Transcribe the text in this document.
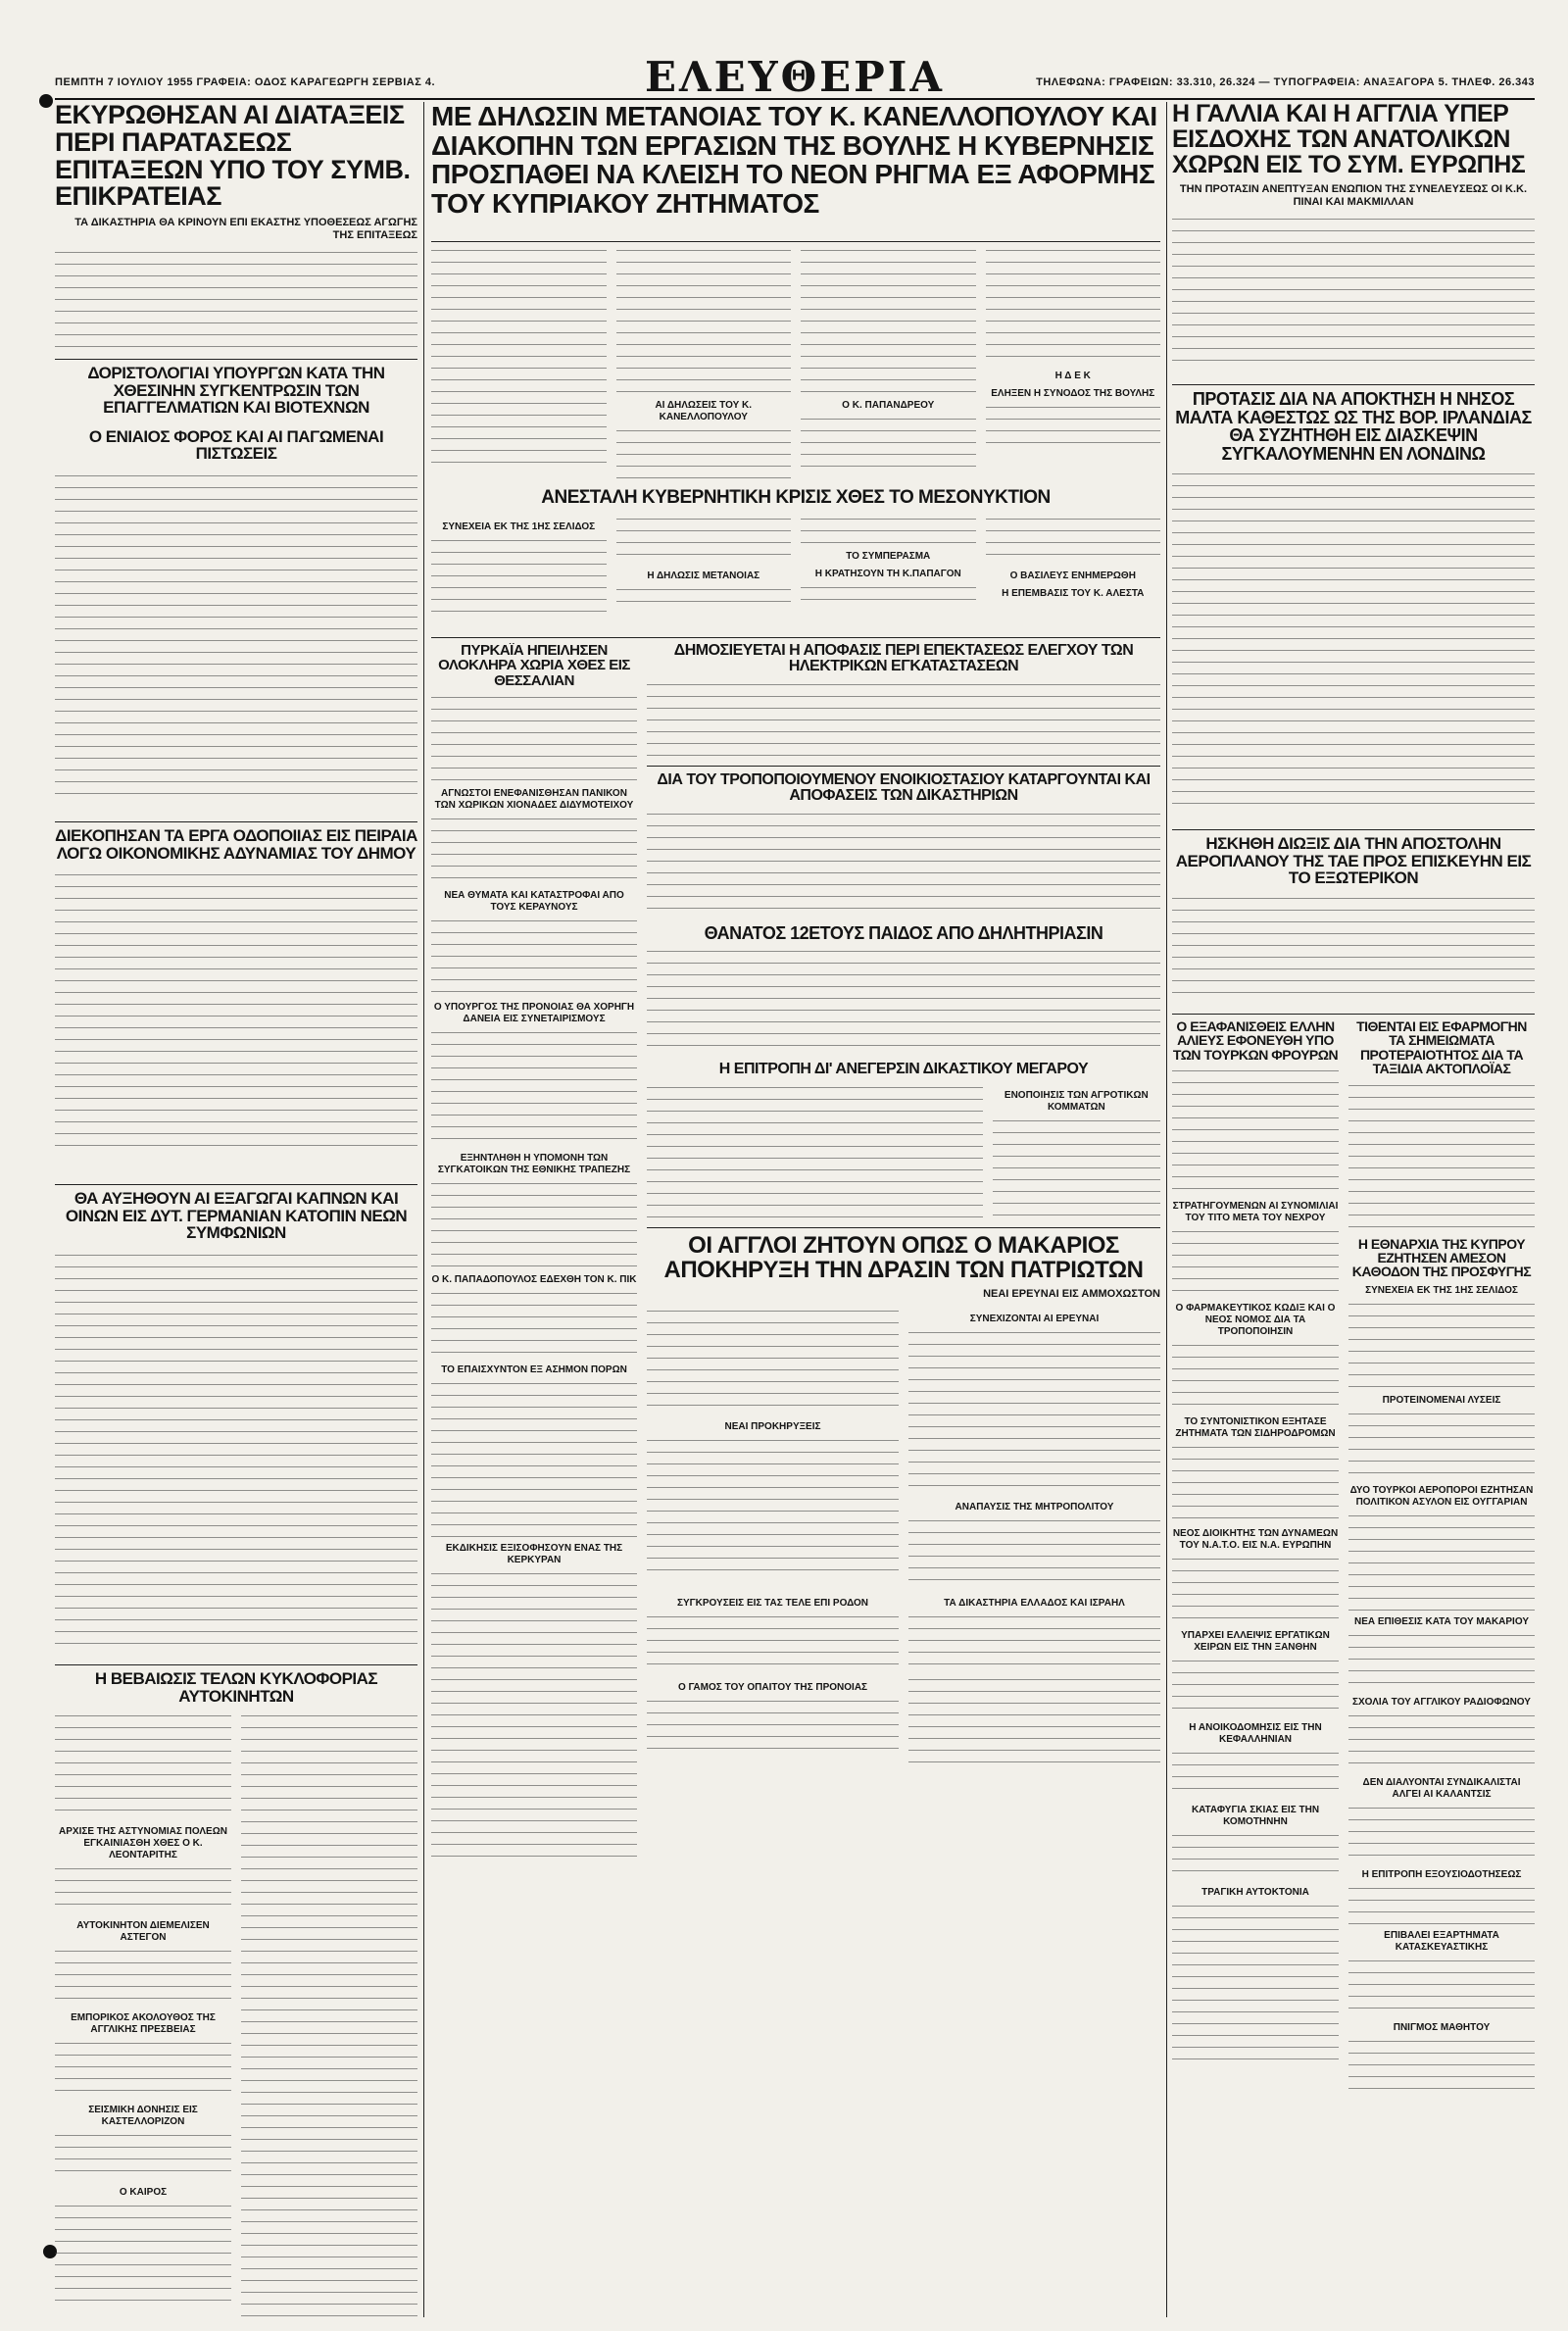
ΠΕΜΠΤΗ 7 ΙΟΥΛΙΟΥ 1955 ΓΡΑΦΕΙΑ: ΟΔΟΣ ΚΑΡΑΓΕΩΡΓΗ ΣΕΡΒΙΑΣ 4.	ΕΛΕΥΘΕΡΙΑ	ΤΗΛΕΦΩΝΑ: ΓΡΑΦΕΙΩΝ: 33.310, 26.324 — ΤΥΠΟΓΡΑΦΕΙΑ: ΑΝΑΞΑΓΟΡΑ 5. ΤΗΛΕΦ. 26.343
ΕΚΥΡΩΘΗΣΑΝ ΑΙ ΔΙΑΤΑΞΕΙΣ ΠΕΡΙ ΠΑΡΑΤΑΣΕΩΣ ΕΠΙΤΑΞΕΩΝ ΥΠΟ ΤΟΥ ΣΥΜΒ. ΕΠΙΚΡΑΤΕΙΑΣ
ΤΑ ΔΙΚΑΣΤΗΡΙΑ ΘΑ ΚΡΙΝΟΥΝ ΕΠΙ ΕΚΑΣΤΗΣ ΥΠΟΘΕΣΕΩΣ ΑΓΩΓΗΣ ΤΗΣ ΕΠΙΤΑΞΕΩΣ
ΔΟΡΙΣΤΟΛΟΓΙΑΙ ΥΠΟΥΡΓΩΝ ΚΑΤΑ ΤΗΝ ΧΘΕΣΙΝΗΝ ΣΥΓΚΕΝΤΡΩΣΙΝ ΤΩΝ ΕΠΑΓΓΕΛΜΑΤΙΩΝ ΚΑΙ ΒΙΟΤΕΧΝΩΝ
Ο ΕΝΙΑΙΟΣ ΦΟΡΟΣ ΚΑΙ ΑΙ ΠΑΓΩΜΕΝΑΙ ΠΙΣΤΩΣΕΙΣ
ΔΙΕΚΟΠΗΣΑΝ ΤΑ ΕΡΓΑ ΟΔΟΠΟΙΙΑΣ ΕΙΣ ΠΕΙΡΑΙΑ ΛΟΓΩ ΟΙΚΟΝΟΜΙΚΗΣ ΑΔΥΝΑΜΙΑΣ ΤΟΥ ΔΗΜΟΥ
ΘΑ ΑΥΞΗΘΟΥΝ ΑΙ ΕΞΑΓΩΓΑΙ ΚΑΠΝΩΝ ΚΑΙ ΟΙΝΩΝ ΕΙΣ ΔΥΤ. ΓΕΡΜΑΝΙΑΝ ΚΑΤΟΠΙΝ ΝΕΩΝ ΣΥΜΦΩΝΙΩΝ
Η ΒΕΒΑΙΩΣΙΣ ΤΕΛΩΝ ΚΥΚΛΟΦΟΡΙΑΣ ΑΥΤΟΚΙΝΗΤΩΝ
ΑΡΧΙΣΕ ΤΗΣ ΑΣΤΥΝΟΜΙΑΣ ΠΟΛΕΩΝ ΕΓΚΑΙΝΙΑΣΘΗ ΧΘΕΣ Ο Κ. ΛΕΟΝΤΑΡΙΤΗΣ
ΑΥΤΟΚΙΝΗΤΟΝ ΔΙΕΜΕΛΙΣΕΝ ΑΣΤΕΓΟΝ
ΕΜΠΟΡΙΚΟΣ ΑΚΟΛΟΥΘΟΣ ΤΗΣ ΑΓΓΛΙΚΗΣ ΠΡΕΣΒΕΙΑΣ
ΣΕΙΣΜΙΚΗ ΔΟΝΗΣΙΣ ΕΙΣ ΚΑΣΤΕΛΛΟΡΙΖΟΝ
Ο ΚΑΙΡΟΣ
ΜΕ ΔΗΛΩΣΙΝ ΜΕΤΑΝΟΙΑΣ ΤΟΥ Κ. ΚΑΝΕΛΛΟΠΟΥΛΟΥ ΚΑΙ ΔΙΑΚΟΠΗΝ ΤΩΝ ΕΡΓΑΣΙΩΝ ΤΗΣ ΒΟΥΛΗΣ Η ΚΥΒΕΡΝΗΣΙΣ ΠΡΟΣΠΑΘΕΙ ΝΑ ΚΛΕΙΣΗ ΤΟ ΝΕΟΝ ΡΗΓΜΑ ΕΞ ΑΦΟΡΜΗΣ ΤΟΥ ΚΥΠΡΙΑΚΟΥ ΖΗΤΗΜΑΤΟΣ
ΑΙ ΔΗΛΩΣΕΙΣ ΤΟΥ Κ. ΚΑΝΕΛΛΟΠΟΥΛΟΥ
Ο Κ. ΠΑΠΑΝΔΡΕΟΥ
Η Δ Ε Κ
ΕΛΗΞΕΝ Η ΣΥΝΟΔΟΣ ΤΗΣ ΒΟΥΛΗΣ
ΑΝΕΣΤΑΛΗ ΚΥΒΕΡΝΗΤΙΚΗ ΚΡΙΣΙΣ ΧΘΕΣ ΤΟ ΜΕΣΟΝΥΚΤΙΟΝ
ΣΥΝΕΧΕΙΑ ΕΚ ΤΗΣ 1ΗΣ ΣΕΛΙΔΟΣ
Η ΔΗΛΩΣΙΣ ΜΕΤΑΝΟΙΑΣ
ΤΟ ΣΥΜΠΕΡΑΣΜΑ
Η ΚΡΑΤΗΣΟΥΝ ΤΗ Κ.ΠΑΠΑΓΟΝ	Ο ΒΑΣΙΛΕΥΣ ΕΝΗΜΕΡΩΘΗ
Η ΕΠΕΜΒΑΣΙΣ ΤΟΥ Κ. ΑΛΕΣΤΑ
ΠΥΡΚΑΪΑ ΗΠΕΙΛΗΣΕΝ ΟΛΟΚΛΗΡΑ ΧΩΡΙΑ ΧΘΕΣ ΕΙΣ ΘΕΣΣΑΛΙΑΝ
ΑΓΝΩΣΤΟΙ ΕΝΕΦΑΝΙΣΘΗΣΑΝ ΠΑΝΙΚΟΝ ΤΩΝ ΧΩΡΙΚΩΝ ΧΙΟΝΑΔΕΣ ΔΙΔΥΜΟΤΕΙΧΟΥ
ΝΕΑ ΘΥΜΑΤΑ ΚΑΙ ΚΑΤΑΣΤΡΟΦΑΙ ΑΠΟ ΤΟΥΣ ΚΕΡΑΥΝΟΥΣ
Ο ΥΠΟΥΡΓΟΣ ΤΗΣ ΠΡΟΝΟΙΑΣ ΘΑ ΧΟΡΗΓΗ ΔΑΝΕΙΑ ΕΙΣ ΣΥΝΕΤΑΙΡΙΣΜΟΥΣ
ΕΞΗΝΤΛΗΘΗ Η ΥΠΟΜΟΝΗ ΤΩΝ ΣΥΓΚΑΤΟΙΚΩΝ ΤΗΣ ΕΘΝΙΚΗΣ ΤΡΑΠΕΖΗΣ
Ο Κ. ΠΑΠΑΔΟΠΟΥΛΟΣ ΕΔΕΧΘΗ ΤΟΝ Κ. ΠΙΚ
ΤΟ ΕΠΑΙΣΧΥΝΤΟΝ ΕΞ ΑΣΗΜΟΝ ΠΟΡΩΝ
ΕΚΔΙΚΗΣΙΣ ΕΞΙΣΟΦΗΣΟΥΝ ΕΝΑΣ ΤΗΣ ΚΕΡΚΥΡΑΝ
ΔΗΜΟΣΙΕΥΕΤΑΙ Η ΑΠΟΦΑΣΙΣ ΠΕΡΙ ΕΠΕΚΤΑΣΕΩΣ ΕΛΕΓΧΟΥ ΤΩΝ ΗΛΕΚΤΡΙΚΩΝ ΕΓΚΑΤΑΣΤΑΣΕΩΝ
ΔΙΑ ΤΟΥ ΤΡΟΠΟΠΟΙΟΥΜΕΝΟΥ ΕΝΟΙΚΙΟΣΤΑΣΙΟΥ ΚΑΤΑΡΓΟΥΝΤΑΙ ΚΑΙ ΑΠΟΦΑΣΕΙΣ ΤΩΝ ΔΙΚΑΣΤΗΡΙΩΝ
ΘΑΝΑΤΟΣ 12ΕΤΟΥΣ ΠΑΙΔΟΣ ΑΠΟ ΔΗΛΗΤΗΡΙΑΣΙΝ
Η ΕΠΙΤΡΟΠΗ ΔΙ' ΑΝΕΓΕΡΣΙΝ ΔΙΚΑΣΤΙΚΟΥ ΜΕΓΑΡΟΥ
ΕΝΟΠΟΙΗΣΙΣ ΤΩΝ ΑΓΡΟΤΙΚΩΝ ΚΟΜΜΑΤΩΝ
ΟΙ ΑΓΓΛΟΙ ΖΗΤΟΥΝ ΟΠΩΣ Ο ΜΑΚΑΡΙΟΣ ΑΠΟΚΗΡΥΞΗ ΤΗΝ ΔΡΑΣΙΝ ΤΩΝ ΠΑΤΡΙΩΤΩΝ
ΝΕΑΙ ΕΡΕΥΝΑΙ ΕΙΣ ΑΜΜΟΧΩΣΤΟΝ
ΝΕΑΙ ΠΡΟΚΗΡΥΞΕΙΣ
ΣΥΝΕΧΙΖΟΝΤΑΙ ΑΙ ΕΡΕΥΝΑΙ
ΑΝΑΠΑΥΣΙΣ ΤΗΣ ΜΗΤΡΟΠΟΛΙΤΟΥ
ΣΥΓΚΡΟΥΣΕΙΣ ΕΙΣ ΤΑΣ ΤΕΛΕ ΕΠΙ ΡΟΔΟΝ	ΤΑ ΔΙΚΑΣΤΗΡΙΑ ΕΛΛΑΔΟΣ ΚΑΙ ΙΣΡΑΗΛ
Ο ΓΑΜΟΣ ΤΟΥ ΟΠΑΙΤΟΥ ΤΗΣ ΠΡΟΝΟΙΑΣ
Η ΓΑΛΛΙΑ ΚΑΙ Η ΑΓΓΛΙΑ ΥΠΕΡ ΕΙΣΔΟΧΗΣ ΤΩΝ ΑΝΑΤΟΛΙΚΩΝ ΧΩΡΩΝ ΕΙΣ ΤΟ ΣΥΜ. ΕΥΡΩΠΗΣ
ΤΗΝ ΠΡΟΤΑΣΙΝ ΑΝΕΠΤΥΞΑΝ ΕΝΩΠΙΟΝ ΤΗΣ ΣΥΝΕΛΕΥΣΕΩΣ ΟΙ Κ.Κ. ΠΙΝΑΙ ΚΑΙ ΜΑΚΜΙΛΛΑΝ
ΠΡΟΤΑΣΙΣ ΔΙΑ ΝΑ ΑΠΟΚΤΗΣΗ Η ΝΗΣΟΣ ΜΑΛΤΑ ΚΑΘΕΣΤΩΣ ΩΣ ΤΗΣ ΒΟΡ. ΙΡΛΑΝΔΙΑΣ ΘΑ ΣΥΖΗΤΗΘΗ ΕΙΣ ΔΙΑΣΚΕΨΙΝ ΣΥΓΚΑΛΟΥΜΕΝΗΝ ΕΝ ΛΟΝΔΙΝΩ
ΗΣΚΗΘΗ ΔΙΩΞΙΣ ΔΙΑ ΤΗΝ ΑΠΟΣΤΟΛΗΝ ΑΕΡΟΠΛΑΝΟΥ ΤΗΣ ΤΑΕ ΠΡΟΣ ΕΠΙΣΚΕΥΗΝ ΕΙΣ ΤΟ ΕΞΩΤΕΡΙΚΟΝ
Ο ΕΞΑΦΑΝΙΣΘΕΙΣ ΕΛΛΗΝ ΑΛΙΕΥΣ ΕΦΟΝΕΥΘΗ ΥΠΟ ΤΩΝ ΤΟΥΡΚΩΝ ΦΡΟΥΡΩΝ
ΣΤΡΑΤΗΓΟΥΜΕΝΩΝ ΑΙ ΣΥΝΟΜΙΛΙΑΙ ΤΟΥ ΤΙΤΟ ΜΕΤΑ ΤΟΥ ΝΕΧΡΟΥ
Ο ΦΑΡΜΑΚΕΥΤΙΚΟΣ ΚΩΔΙΞ ΚΑΙ Ο ΝΕΟΣ ΝΟΜΟΣ ΔΙΑ ΤΑ ΤΡΟΠΟΠΟΙΗΣΙΝ
ΤΟ ΣΥΝΤΟΝΙΣΤΙΚΟΝ ΕΞΗΤΑΣΕ ΖΗΤΗΜΑΤΑ ΤΩΝ ΣΙΔΗΡΟΔΡΟΜΩΝ
ΝΕΟΣ ΔΙΟΙΚΗΤΗΣ ΤΩΝ ΔΥΝΑΜΕΩΝ ΤΟΥ Ν.Α.Τ.Ο. ΕΙΣ Ν.Α. ΕΥΡΩΠΗΝ
ΥΠΑΡΧΕΙ ΕΛΛΕΙΨΙΣ ΕΡΓΑΤΙΚΩΝ ΧΕΙΡΩΝ ΕΙΣ ΤΗΝ ΞΑΝΘΗΝ
Η ΑΝΟΙΚΟΔΟΜΗΣΙΣ ΕΙΣ ΤΗΝ ΚΕΦΑΛΛΗΝΙΑΝ
ΚΑΤΑΦΥΓΙΑ ΣΚΙΑΣ ΕΙΣ ΤΗΝ ΚΟΜΟΤΗΝΗΝ
ΤΡΑΓΙΚΗ ΑΥΤΟΚΤΟΝΙΑ
ΤΙΘΕΝΤΑΙ ΕΙΣ ΕΦΑΡΜΟΓΗΝ ΤΑ ΣΗΜΕΙΩΜΑΤΑ ΠΡΟΤΕΡΑΙΟΤΗΤΟΣ ΔΙΑ ΤΑ ΤΑΞΙΔΙΑ ΑΚΤΟΠΛΟΪΑΣ
Η ΕΘΝΑΡΧΙΑ ΤΗΣ ΚΥΠΡΟΥ ΕΖΗΤΗΣΕΝ ΑΜΕΣΟΝ ΚΑΘΟΔΟΝ ΤΗΣ ΠΡΟΣΦΥΓΗΣ
ΣΥΝΕΧΕΙΑ ΕΚ ΤΗΣ 1ΗΣ ΣΕΛΙΔΟΣ
ΠΡΟΤΕΙΝΟΜΕΝΑΙ ΛΥΣΕΙΣ
ΔΥΟ ΤΟΥΡΚΟΙ ΑΕΡΟΠΟΡΟΙ ΕΖΗΤΗΣΑΝ ΠΟΛΙΤΙΚΟΝ ΑΣΥΛΟΝ ΕΙΣ ΟΥΓΓΑΡΙΑΝ
ΝΕΑ ΕΠΙΘΕΣΙΣ ΚΑΤΑ ΤΟΥ ΜΑΚΑΡΙΟΥ
ΣΧΟΛΙΑ ΤΟΥ ΑΓΓΛΙΚΟΥ ΡΑΔΙΟΦΩΝΟΥ
ΔΕΝ ΔΙΑΛΥΟΝΤΑΙ ΣΥΝΔΙΚΑΛΙΣΤΑΙ ΑΛΓΕΙ ΑΙ ΚΑΛΑΝΤΣΙΣ
Η ΕΠΙΤΡΟΠΗ ΕΞΟΥΣΙΟΔΟΤΗΣΕΩΣ
ΕΠΙΒΑΛΕΙ ΕΞΑΡΤΗΜΑΤΑ ΚΑΤΑΣΚΕΥΑΣΤΙΚΗΣ
ΠΝΙΓΜΟΣ ΜΑΘΗΤΟΥ
